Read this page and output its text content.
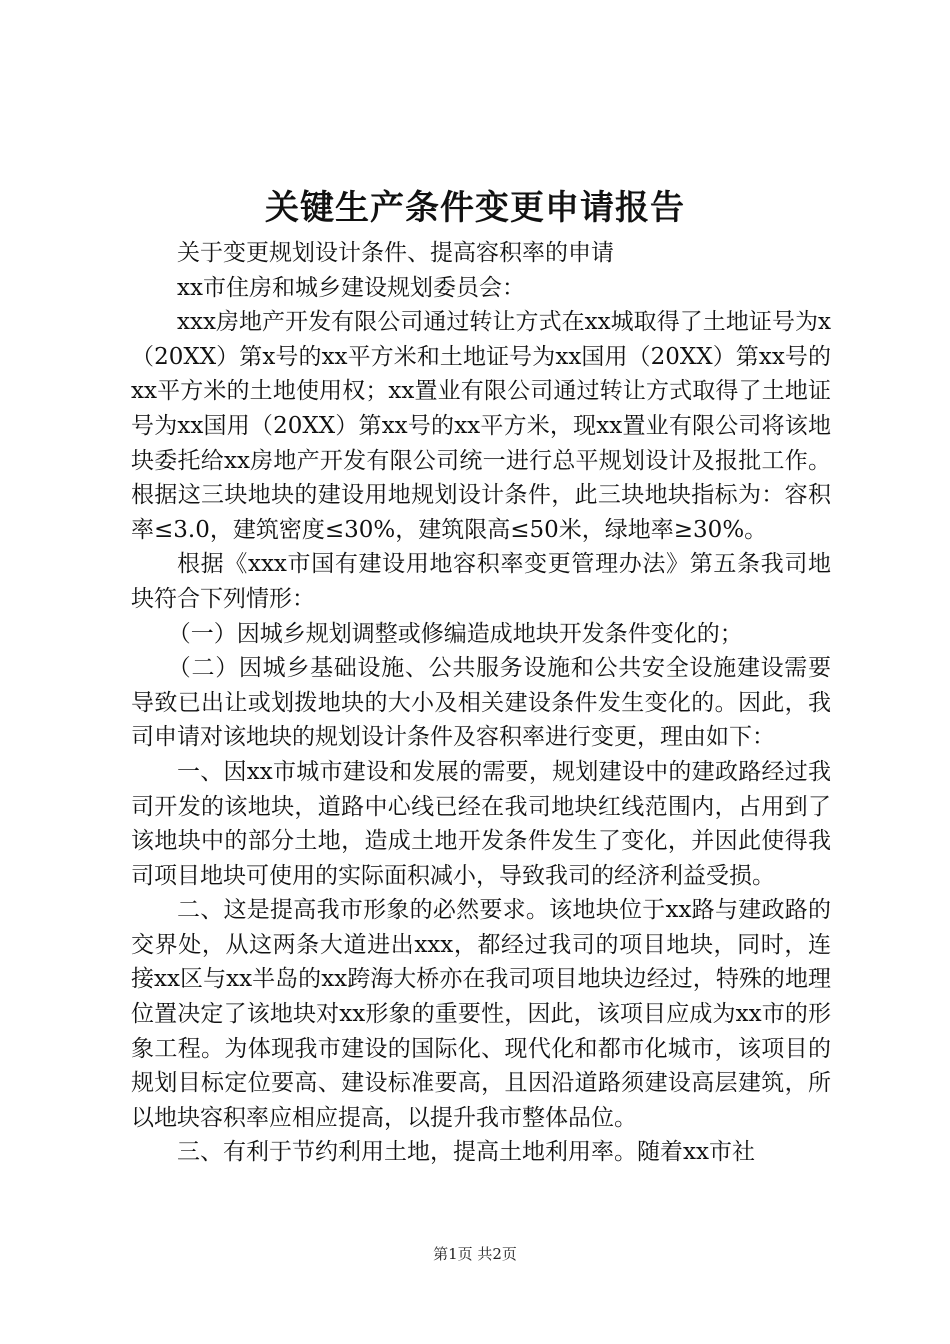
关键生产条件变更申请报告

关于变更规划设计条件、提高容积率的申请

xx市住房和城乡建设规划委员会：

xxx房地产开发有限公司通过转让方式在xx城取得了土地证号为x（20XX）第x号的xx平方米和土地证号为xx国用（20XX）第xx号的xx平方米的土地使用权；xx置业有限公司通过转让方式取得了土地证号为xx国用（20XX）第xx号的xx平方米，现xx置业有限公司将该地块委托给xx房地产开发有限公司统一进行总平规划设计及报批工作。根据这三块地块的建设用地规划设计条件，此三块地块指标为：容积率≤3.0，建筑密度≤30%，建筑限高≤50米，绿地率≥30%。

根据《xxx市国有建设用地容积率变更管理办法》第五条我司地块符合下列情形：

（一）因城乡规划调整或修编造成地块开发条件变化的；

（二）因城乡基础设施、公共服务设施和公共安全设施建设需要导致已出让或划拨地块的大小及相关建设条件发生变化的。因此，我司申请对该地块的规划设计条件及容积率进行变更，理由如下：

一、因xx市城市建设和发展的需要，规划建设中的建政路经过我司开发的该地块，道路中心线已经在我司地块红线范围内，占用到了该地块中的部分土地，造成土地开发条件发生了变化，并因此使得我司项目地块可使用的实际面积减小，导致我司的经济利益受损。

二、这是提高我市形象的必然要求。该地块位于xx路与建政路的交界处，从这两条大道进出xxx，都经过我司的项目地块，同时，连接xx区与xx半岛的xx跨海大桥亦在我司项目地块边经过，特殊的地理位置决定了该地块对xx形象的重要性，因此，该项目应成为xx市的形象工程。为体现我市建设的国际化、现代化和都市化城市，该项目的规划目标定位要高、建设标准要高，且因沿道路须建设高层建筑，所以地块容积率应相应提高，以提升我市整体品位。

三、有利于节约利用土地，提高土地利用率。随着xx市社

第1页 共2页
